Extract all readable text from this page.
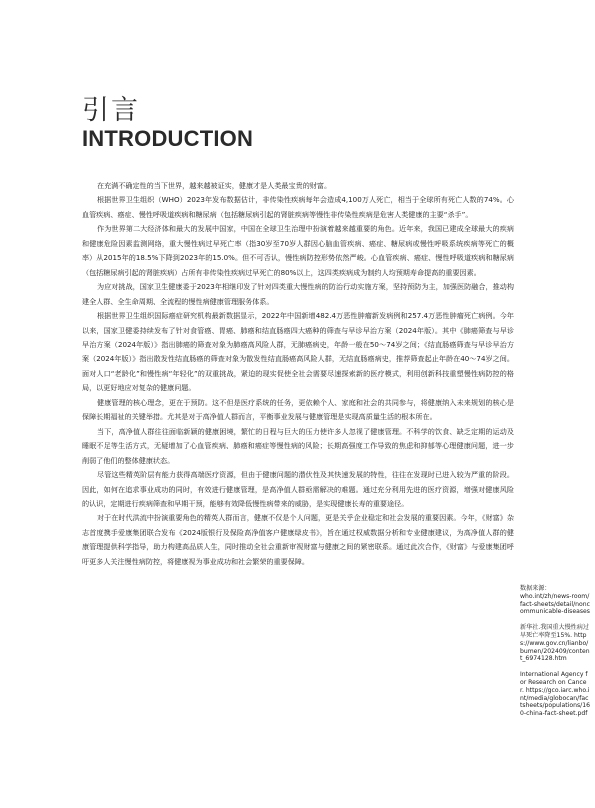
引言
INTRODUCTION

在充满不确定性的当下世界，越来越被证实，健康才是人类最宝贵的财富。

根据世界卫生组织（WHO）2023年发布数据估计，非传染性疾病每年会造成4,100万人死亡，相当于全球所有死亡人数的74%。心血管疾病、癌症、慢性呼吸道疾病和糖尿病（包括糖尿病引起的肾脏疾病等慢性非传染性疾病是危害人类健康的主要“杀手”。

作为世界第二大经济体和最大的发展中国家，中国在全球卫生治理中扮演着越来越重要的角色。近年来，我国已建成全球最大的疾病和健康危险因素监测网络，重大慢性病过早死亡率（指30岁至70岁人群因心脑血管疾病、癌症、糖尿病或慢性呼吸系统疾病等死亡的概率）从2015年的18.5%下降到2023年的15.0%。但不可否认，慢性病防控形势依然严峻。心血管疾病、癌症、慢性呼吸道疾病和糖尿病（包括糖尿病引起的肾脏疾病）占所有非传染性疾病过早死亡的80%以上，这四类疾病成为制约人均预期寿命提高的重要因素。

为应对挑战，国家卫生健康委于2023年相继印发了针对四类重大慢性病的防治行动实施方案，坚持预防为主，加强医防融合，推动构建全人群、全生命周期、全流程的慢性病健康管理服务体系。

根据世界卫生组织国际癌症研究机构最新数据显示，2022年中国新增482.4万恶性肿瘤新发病例和257.4万恶性肿瘤死亡病例。今年以来，国家卫健委持续发布了针对食管癌、胃癌、肺癌和结直肠癌四大癌种的筛查与早诊早治方案（2024年版）。其中《肺癌筛查与早诊早治方案（2024年版）》指出肺癌的筛查对象为肺癌高风险人群，无肺癌病史，年龄一般在50～74岁之间；《结直肠癌筛查与早诊早治方案（2024年版）》指出散发性结直肠癌的筛查对象为散发性结直肠癌高风险人群，无结直肠癌病史，推荐筛查起止年龄在40～74岁之间。面对人口“老龄化”和慢性病“年轻化”的双重挑战，紧迫的现实促使全社会需要尽速探索新的医疗模式，利用创新科技重塑慢性病防控的格局，以更好地应对复杂的健康问题。

健康管理的核心理念，更在于预防。这不但是医疗系统的任务，更依赖个人、家庭和社会的共同参与，将健康纳入未来规划的核心是保障长期福祉的关键举措。尤其是对于高净值人群而言，平衡事业发展与健康管理是实现高质量生活的根本所在。

当下，高净值人群往往面临新颖的健康困境，繁忙的日程与巨大的压力使许多人忽视了健康管理。不科学的饮食、缺乏定期的运动及睡眠不足等生活方式，无疑增加了心血管疾病、肺癌和癌症等慢性病的风险；长期高强度工作导致的焦虑和抑郁等心理健康问题，进一步削弱了他们的整体健康状态。

尽管这些精英阶层有能力获得高端医疗资源，但由于健康问题的潜伏性及其快速发展的特性，往往在发现时已进入较为严重的阶段。因此，如何在追求事业成功的同时，有效进行健康管理，是高净值人群亟需解决的难题。通过充分利用先进的医疗资源，增强对健康风险的认识，定期进行疾病筛查和早期干预，能够有效降低慢性病带来的威胁，是实现健康长寿的重要途径。

对于在时代洪流中扮演重要角色的精英人群而言，健康不仅是个人问题，更是关乎企业稳定和社会发展的重要因素。今年，《财富》杂志首度携手爱康集团联合发布《2024版银行及保险高净值客户健康绿皮书》，旨在通过权威数据分析和专业健康建议，为高净值人群的健康管理提供科学指导，助力构建高品质人生，同时推动全社会重新审视财富与健康之间的紧密联系。通过此次合作，《财富》与爱康集团呼吁更多人关注慢性病防控，将健康视为事业成功和社会繁荣的重要保障。

数据来源：

who.int/zh/news-room/fact-sheets/detail/noncommunicable-diseases

新华社.我国重大慢性病过早死亡率降至15%. https://www.gov.cn/lianbo/bumen/202409/content_6974128.htm

International Agency for Research on Cancer. https://gco.iarc.who.int/media/globocan/factsheets/populations/160-china-fact-sheet.pdf
